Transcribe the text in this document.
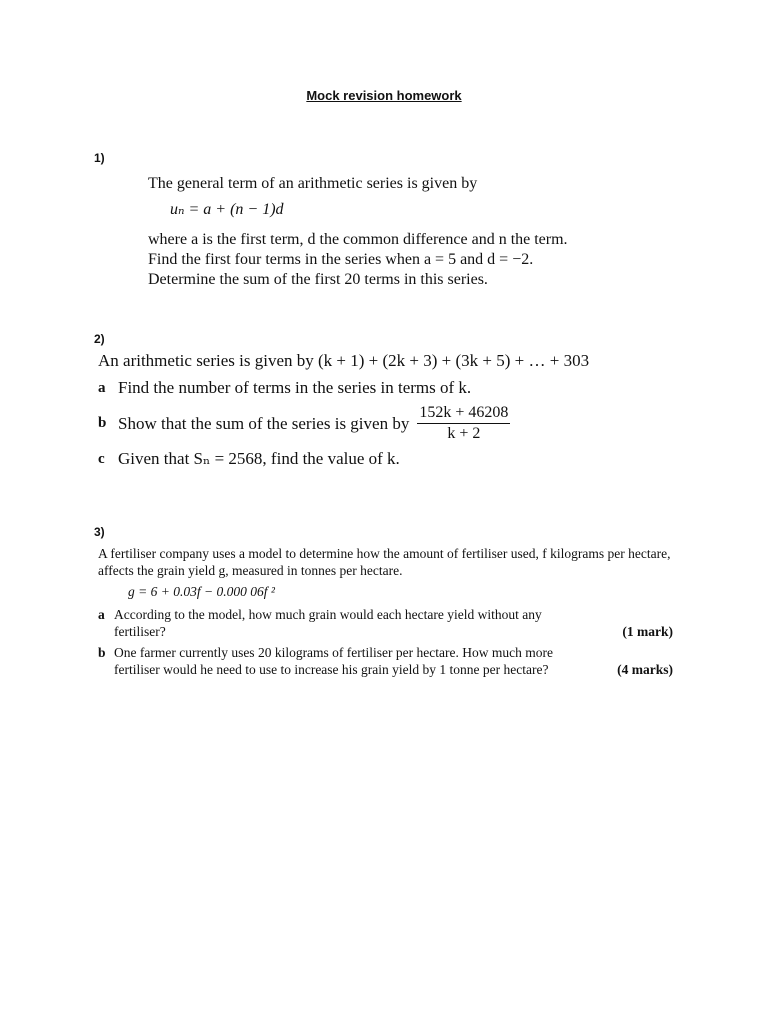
Mock revision homework
1)
The general term of an arithmetic series is given by
uₙ = a + (n − 1)d
where a is the first term, d the common difference and n the term.
Find the first four terms in the series when a = 5 and d = −2.
Determine the sum of the first 20 terms in this series.
2)
An arithmetic series is given by (k + 1) + (2k + 3) + (3k + 5) + … + 303
a Find the number of terms in the series in terms of k.
b Show that the sum of the series is given by $\frac{152k + 46208}{k + 2}$
c Given that Sₙ = 2568, find the value of k.
3)
A fertiliser company uses a model to determine how the amount of fertiliser used, f kilograms per hectare, affects the grain yield g, measured in tonnes per hectare.
g = 6 + 0.03f − 0.000 06f ²
a According to the model, how much grain would each hectare yield without any fertiliser?	(1 mark)
b One farmer currently uses 20 kilograms of fertiliser per hectare. How much more fertiliser would he need to use to increase his grain yield by 1 tonne per hectare?	(4 marks)
